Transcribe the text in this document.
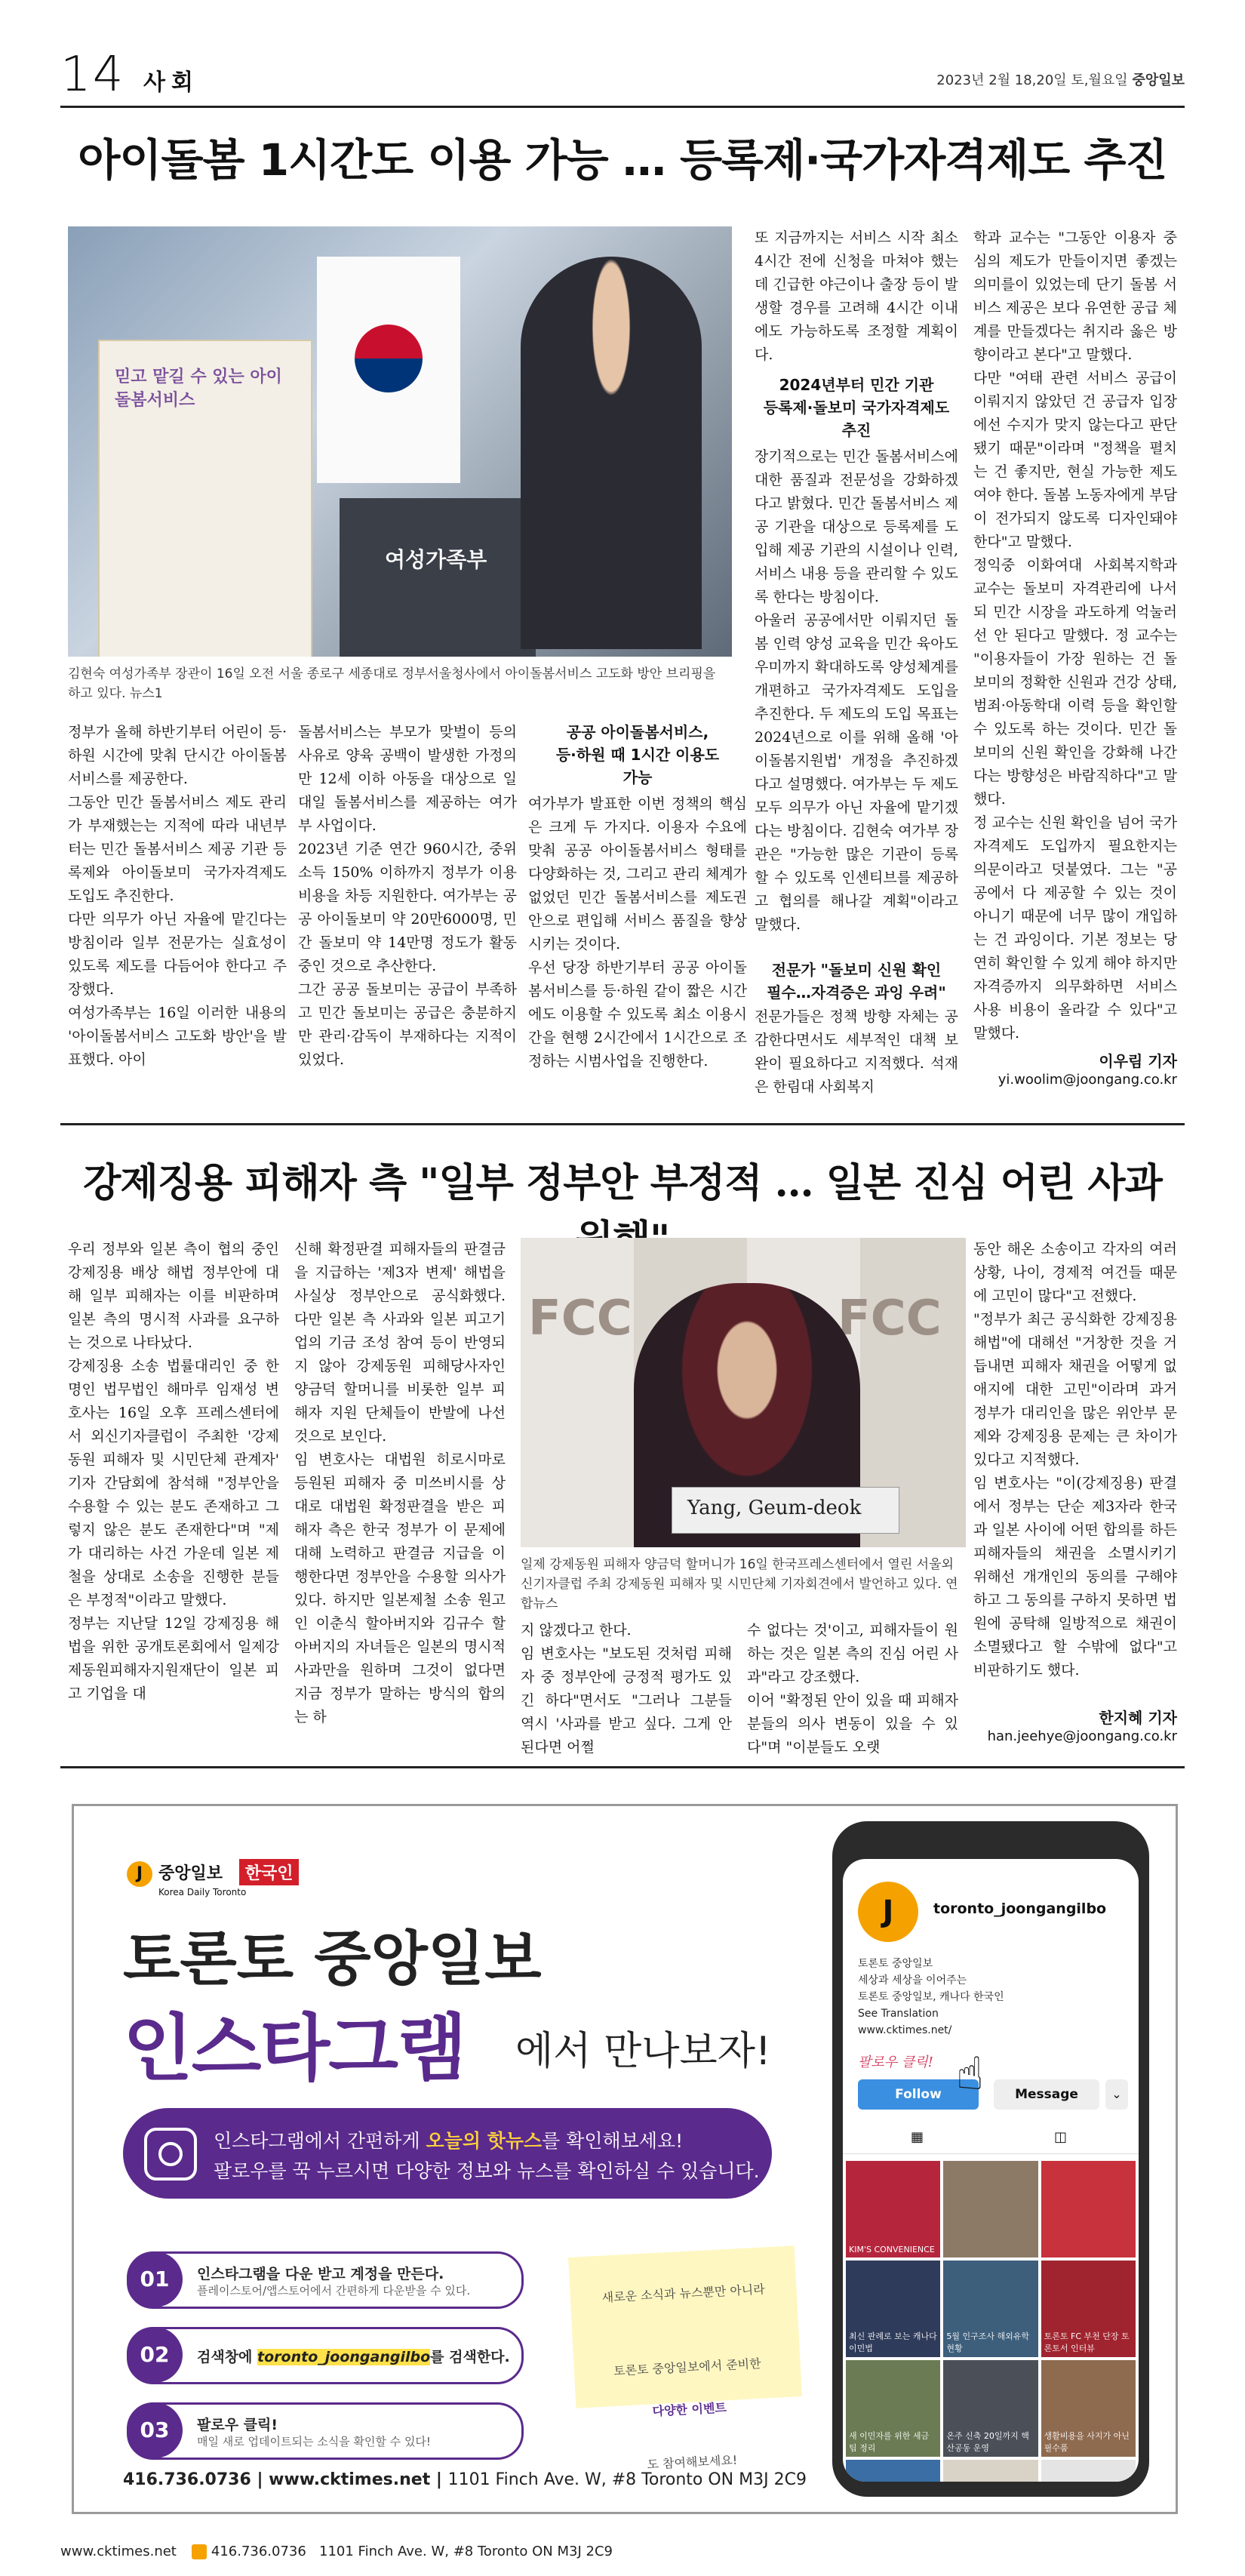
14 사회	2023년 2월 18,20일 토,월요일 중앙일보
아이돌봄 1시간도 이용 가능 … 등록제·국가자격제도 추진
믿고 맡길 수 있는 아이돌봄서비스
여성가족부
김현숙 여성가족부 장관이 16일 오전 서울 종로구 세종대로 정부서울청사에서 아이돌봄서비스 고도화 방안 브리핑을 하고 있다. 뉴스1
정부가 올해 하반기부터 어린이 등·하원 시간에 맞춰 단시간 아이돌봄서비스를 제공한다.
그동안 민간 돌봄서비스 제도 관리가 부재했는는 지적에 따라 내년부터는 민간 돌봄서비스 제공 기관 등록제와 아이돌보미 국가자격제도 도입도 추진한다.
다만 의무가 아닌 자율에 맡긴다는 방침이라 일부 전문가는 실효성이 있도록 제도를 다듬어야 한다고 주장했다.
여성가족부는 16일 이러한 내용의 '아이돌봄서비스 고도화 방안'을 발표했다. 아이
돌봄서비스는 부모가 맞벌이 등의 사유로 양육 공백이 발생한 가정의 만 12세 이하 아동을 대상으로 일대일 돌봄서비스를 제공하는 여가부 사업이다.
2023년 기준 연간 960시간, 중위소득 150% 이하까지 정부가 이용 비용을 차등 지원한다. 여가부는 공공 아이돌보미 약 20만6000명, 민간 돌보미 약 14만명 정도가 활동 중인 것으로 추산한다.
그간 공공 돌보미는 공급이 부족하고 민간 돌보미는 공급은 충분하지만 관리·감독이 부재하다는 지적이 있었다.
공공 아이돌봄서비스,
등·하원 때 1시간 이용도
가능
여가부가 발표한 이번 정책의 핵심은 크게 두 가지다. 이용자 수요에 맞춰 공공 아이돌봄서비스 형태를 다양화하는 것, 그리고 관리 체계가 없었던 민간 돌봄서비스를 제도권 안으로 편입해 서비스 품질을 향상시키는 것이다.
우선 당장 하반기부터 공공 아이돌봄서비스를 등·하원 같이 짧은 시간에도 이용할 수 있도록 최소 이용시간을 현행 2시간에서 1시간으로 조정하는 시범사업을 진행한다.
또 지금까지는 서비스 시작 최소 4시간 전에 신청을 마쳐야 했는데 긴급한 야근이나 출장 등이 발생할 경우를 고려해 4시간 이내에도 가능하도록 조정할 계획이다.
2024년부터 민간 기관
등록제·돌보미 국가자격제도
추진
장기적으로는 민간 돌봄서비스에 대한 품질과 전문성을 강화하겠다고 밝혔다. 민간 돌봄서비스 제공 기관을 대상으로 등록제를 도입해 제공 기관의 시설이나 인력, 서비스 내용 등을 관리할 수 있도록 한다는 방침이다.
아울러 공공에서만 이뤄지던 돌봄 인력 양성 교육을 민간 육아도우미까지 확대하도록 양성체계를 개편하고 국가자격제도 도입을 추진한다. 두 제도의 도입 목표는 2024년으로 이를 위해 올해 '아이돌봄지원법' 개정을 추진하겠다고 설명했다. 여가부는 두 제도 모두 의무가 아닌 자율에 맡기겠다는 방침이다. 김현숙 여가부 장관은 "가능한 많은 기관이 등록할 수 있도록 인센티브를 제공하고 협의를 해나갈 계획"이라고 말했다.
전문가 "돌보미 신원 확인
필수…자격증은 과잉 우려"
전문가들은 정책 방향 자체는 공감한다면서도 세부적인 대책 보완이 필요하다고 지적했다. 석재은 한림대 사회복지
학과 교수는 "그동안 이용자 중심의 제도가 만들이지면 좋겠는 의미를이 있었는데 단기 돌봄 서비스 제공은 보다 유연한 공급 체계를 만들겠다는 취지라 옳은 방향이라고 본다"고 말했다.
다만 "여태 관련 서비스 공급이 이뤄지지 않았던 건 공급자 입장에선 수지가 맞지 않는다고 판단됐기 때문"이라며 "정책을 펼치는 건 좋지만, 현실 가능한 제도여야 한다. 돌봄 노동자에게 부담이 전가되지 않도록 디자인돼야 한다"고 말했다.
정익중 이화여대 사회복지학과 교수는 돌보미 자격관리에 나서되 민간 시장을 과도하게 억눌러선 안 된다고 말했다. 정 교수는 "이용자들이 가장 원하는 건 돌보미의 정확한 신원과 건강 상태, 범죄·아동학대 이력 등을 확인할 수 있도록 하는 것이다. 민간 돌보미의 신원 확인을 강화해 나간다는 방향성은 바람직하다"고 말했다.
정 교수는 신원 확인을 넘어 국가자격제도 도입까지 필요한지는 의문이라고 덧붙였다. 그는 "공공에서 다 제공할 수 있는 것이 아니기 때문에 너무 많이 개입하는 건 과잉이다. 기본 정보는 당연히 확인할 수 있게 해야 하지만 자격증까지 의무화하면 서비스 사용 비용이 올라갈 수 있다"고 말했다.
이우림 기자
yi.woolim@joongang.co.kr
강제징용 피해자 측 "일부 정부안 부정적 … 일본 진심 어린 사과
우리 정부와 일본 측이 협의 중인 강제징용 배상 해법 정부안에 대해 일부 피해자는 이를 비판하며 일본 측의 명시적 사과를 요구하는 것으로 나타났다.
강제징용 소송 법률대리인 중 한 명인 법무법인 해마루 임재성 변호사는 16일 오후 프레스센터에서 외신기자클럽이 주최한 '강제동원 피해자 및 시민단체 관계자' 기자 간담회에 참석해 "정부안을 수용할 수 있는 분도 존재하고 그렇지 않은 분도 존재한다"며 "제가 대리하는 사건 가운데 일본 제철을 상대로 소송을 진행한 분들은 부정적"이라고 말했다.
정부는 지난달 12일 강제징용 해법을 위한 공개토론회에서 일제강제동원피해자지원재단이 일본 피고 기업을 대
신해 확정판결 피해자들의 판결금을 지급하는 '제3자 변제' 해법을 사실상 정부안으로 공식화했다. 다만 일본 측 사과와 일본 피고기업의 기금 조성 참여 등이 반영되지 않아 강제동원 피해당사자인 양금덕 할머니를 비롯한 일부 피해자 지원 단체들이 반발에 나선 것으로 보인다.
임 변호사는 대법원 히로시마로 등원된 피해자 중 미쓰비시를 상대로 대법원 확정판결을 받은 피해자 측은 한국 정부가 이 문제에 대해 노력하고 판결금 지급을 이행한다면 정부안을 수용할 의사가 있다. 하지만 일본제철 소송 원고인 이춘식 할아버지와 김규수 할아버지의 자녀들은 일본의 명시적 사과만을 원하며 그것이 없다면 지금 정부가 말하는 방식의 합의는 하
FCC	FCC
Yang, Geum-deok
일제 강제동원 피해자 양금덕 할머니가 16일 한국프레스센터에서 열린 서울외신기자클럽 주최 강제동원 피해자 및 시민단체 기자회견에서 발언하고 있다. 연합뉴스
지 않겠다고 한다.
임 변호사는 "보도된 것처럼 피해자 중 정부안에 긍정적 평가도 있긴 하다"면서도 "그러나 그분들 역시 '사과를 받고 싶다. 그게 안 된다면 어쩔
수 없다는 것'이고, 피해자들이 원하는 것은 일본 측의 진심 어린 사과"라고 강조했다.
이어 "확정된 안이 있을 때 피해자분들의 의사 변동이 있을 수 있다"며 "이분들도 오랫
동안 해온 소송이고 각자의 여러 상황, 나이, 경제적 여건들 때문에 고민이 많다"고 전했다.
"정부가 최근 공식화한 강제징용 해법"에 대해선 "거창한 것을 거듭내면 피해자 채권을 어떻게 없애지에 대한 고민"이라며 과거 정부가 대리인을 많은 위안부 문제와 강제징용 문제는 큰 차이가 있다고 지적했다.
임 변호사는 "이(강제징용) 판결에서 정부는 단순 제3자라 한국과 일본 사이에 어떤 합의를 하든 피해자들의 채권을 소멸시키기 위해선 개개인의 동의를 구해야 하고 그 동의를 구하지 못하면 법원에 공탁해 일방적으로 채권이 소멸됐다고 할 수밖에 없다"고 비판하기도 했다.
한지혜 기자
han.jeehye@joongang.co.kr
J 중앙일보 한국인
Korea Daily Toronto
토론토 중앙일보
인스타그램 에서 만나보자!
인스타그램에서 간편하게 오늘의 핫뉴스를 확인해보세요!
팔로우를 꾹 누르시면 다양한 정보와 뉴스를 확인하실 수 있습니다.
01	인스타그램을 다운 받고 계정을 만든다.
플레이스토어/앱스토어에서 간편하게 다운받을 수 있다.
02	검색창에 toronto_joongangilbo를 검색한다.
03	팔로우 클릭!
매일 새로 업데이트되는 소식을 확인할 수 있다!
새로운 소식과 뉴스뿐만 아니라

토론토 중앙일보에서 준비한

다양한 이벤트
도 참여해보세요!
416.736.0736 | www.cktimes.net | 1101 Finch Ave. W, #8 Toronto ON M3J 2C9
J	toronto_joongangilbo
토론토 중앙일보
세상과 세상을 이어주는
토론토 중앙일보, 캐나다 한국인
See Translation
www.cktimes.net/
팔로우 클릭!
Follow	Message	⌄
▦	◫
KIM'S CONVENIENCE
최신 판례로 보는 캐나다 이민법
5월 인구조사 해외유학 현황
토론토 FC 부천 단장 토론토서 인터뷰
새 이민자를 위한 세금 팁 정리
온주 신축 20일까지 핵산공동 운영
생활비용을 사지가 아닌 필수품
☝
www.cktimes.net	416.736.0736 1101 Finch Ave. W, #8 Toronto ON M3J 2C9
